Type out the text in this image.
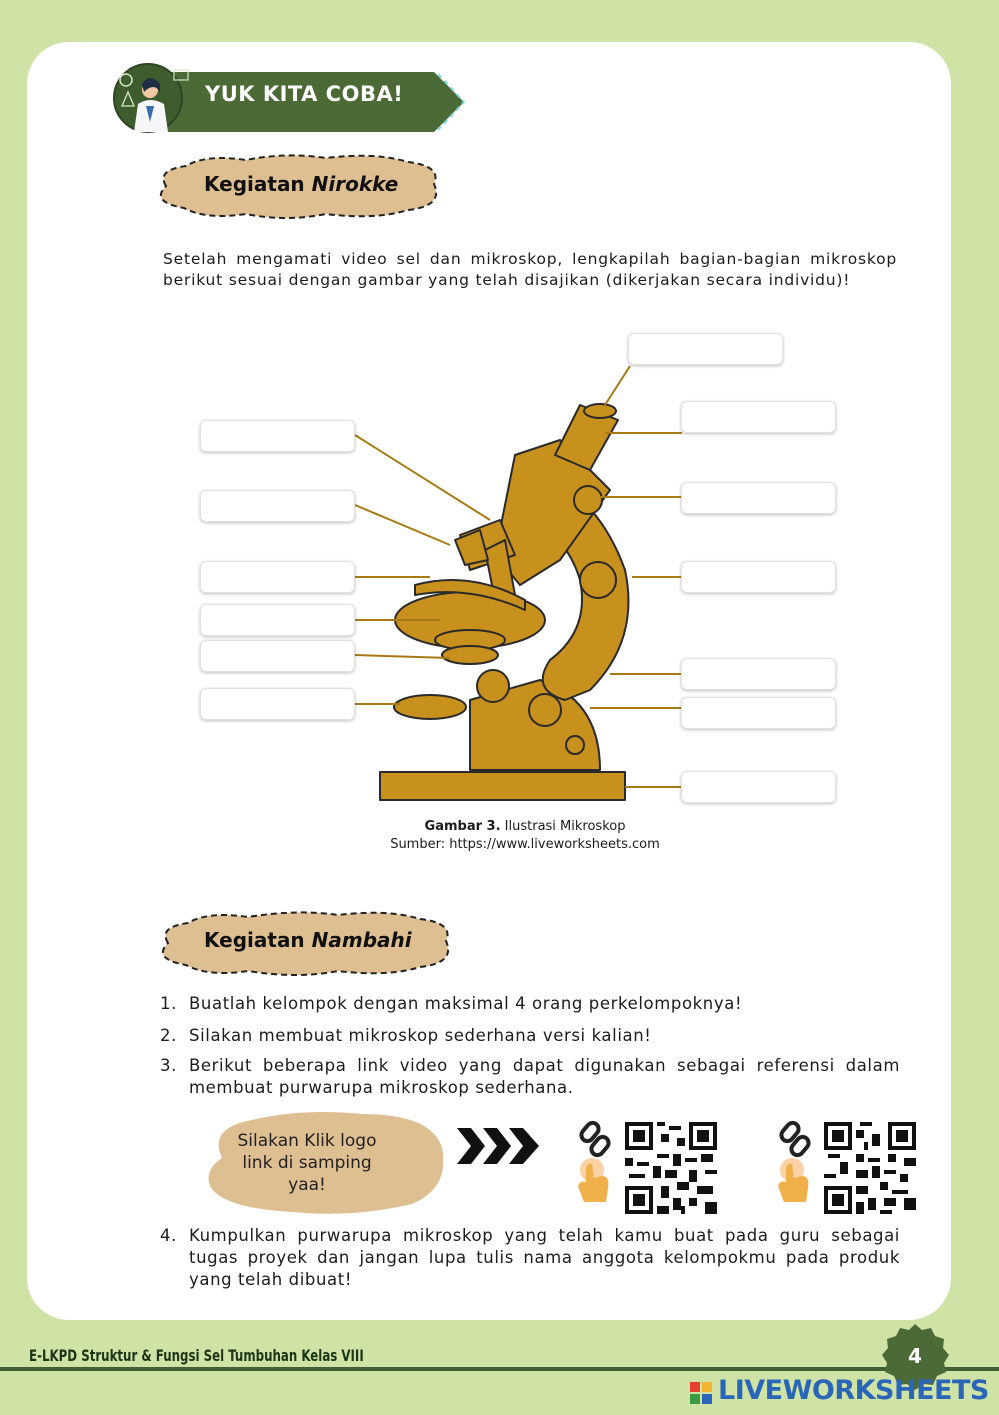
YUK KITA COBA!
Kegiatan Nirokke
Setelah mengamati video sel dan mikroskop, lengkapilah bagian-bagian mikroskop berikut sesuai dengan gambar yang telah disajikan (dikerjakan secara individu)!
Gambar 3. Ilustrasi Mikroskop
Sumber: https://www.liveworksheets.com
Kegiatan Nambahi
1. Buatlah kelompok dengan maksimal 4 orang perkelompoknya!
2. Silakan membuat mikroskop sederhana versi kalian!
3. Berikut beberapa link video yang dapat digunakan sebagai referensi dalam membuat purwarupa mikroskop sederhana.
Silakan Klik logo link di samping yaa!
4. Kumpulkan purwarupa mikroskop yang telah kamu buat pada guru sebagai tugas proyek dan jangan lupa tulis nama anggota kelompokmu pada produk yang telah dibuat!
E-LKPD Struktur & Fungsi Sel Tumbuhan Kelas VIII	4
LIVEWORKSHEETS
